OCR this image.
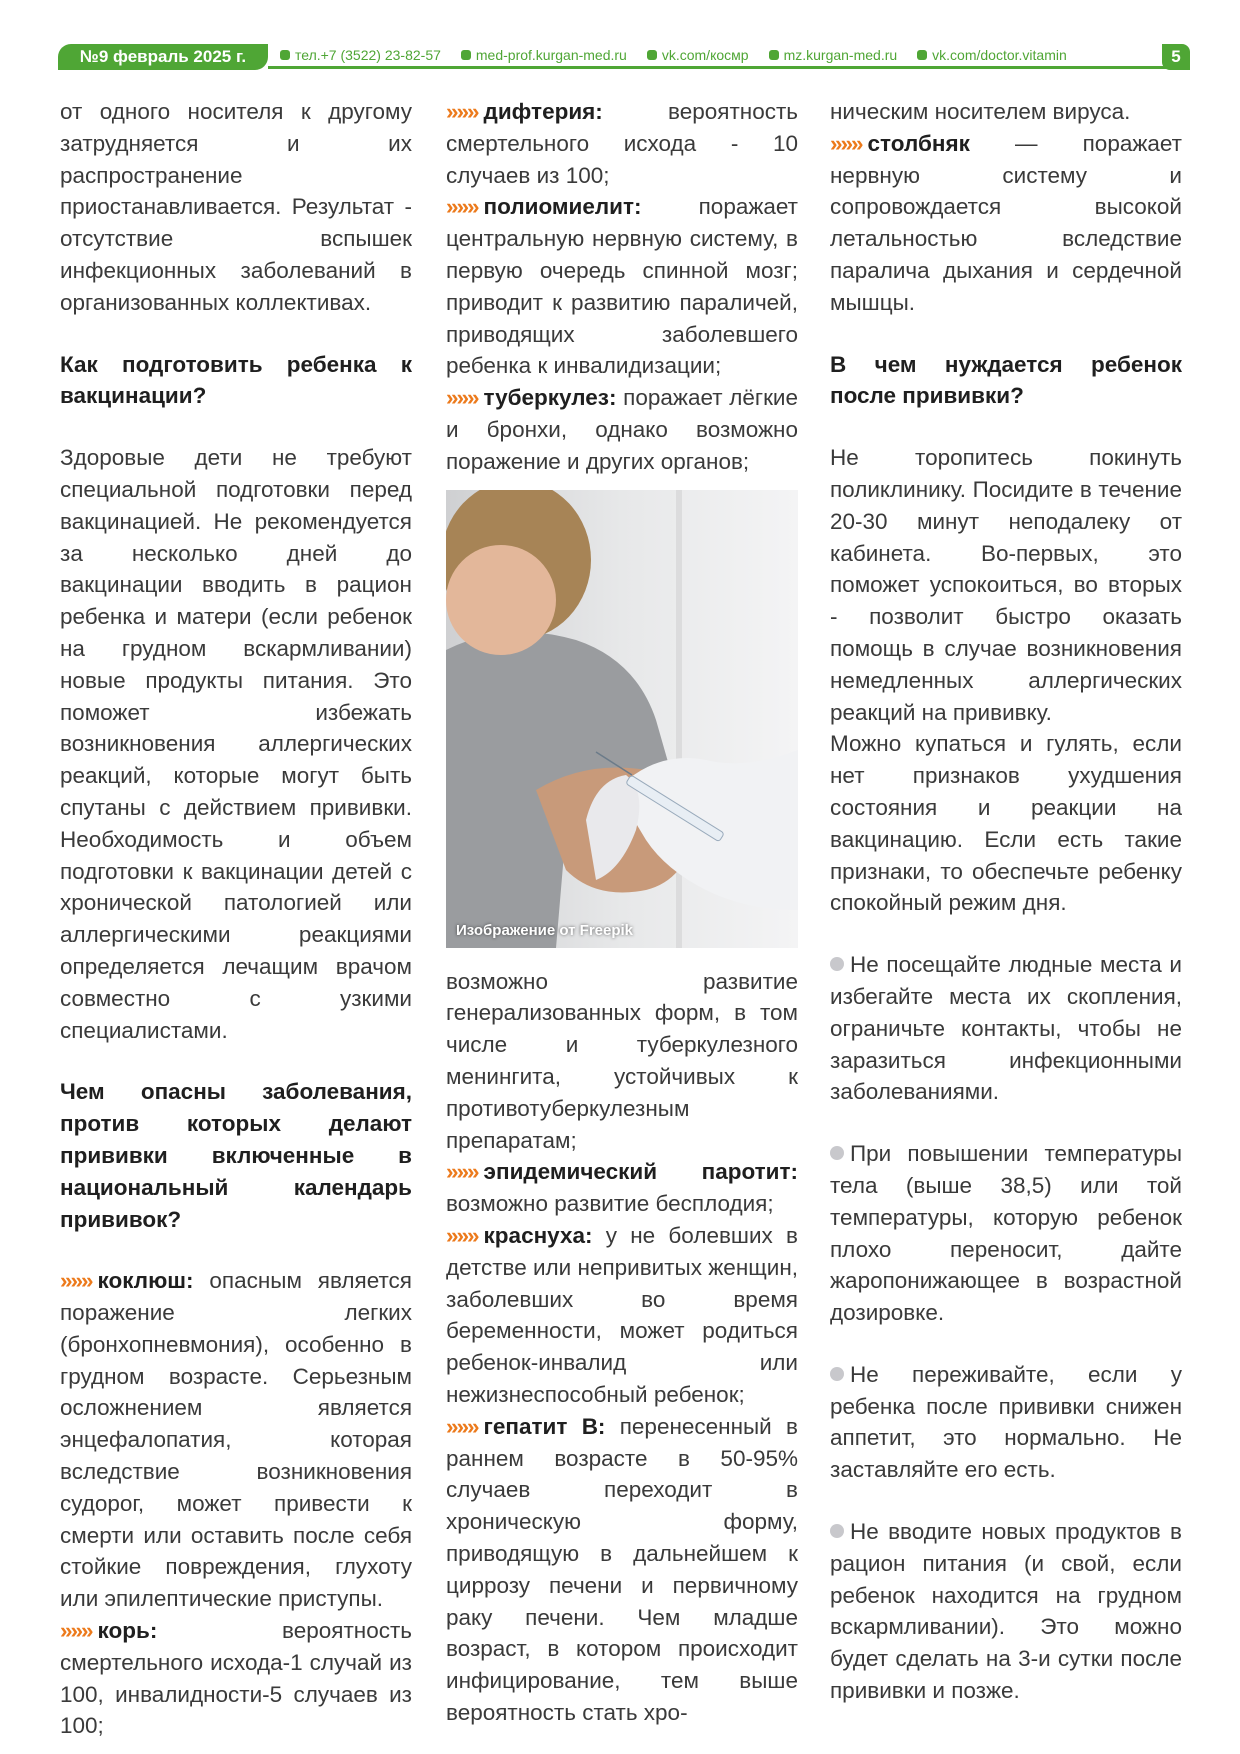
№9 февраль 2025 г.	тел.+7 (3522) 23-82-57	med-prof.kurgan-med.ru	vk.com/космр	mz.kurgan-med.ru	vk.com/doctor.vitamin	5

от одного носителя к другому затрудняется и их распространение приостанавливается. Результат - отсутствие вспышек инфекционных заболеваний в организованных коллективах.

Как подготовить ребенка к вакцинации?

Здоровые дети не требуют специальной подготовки перед вакцинацией. Не рекомендуется за несколько дней до вакцинации вводить в рацион ребенка и матери (если ребенок на грудном вскармливании) новые продукты питания. Это поможет избежать возникновения аллергических реакций, которые могут быть спутаны с действием прививки. Необходимость и объем подготовки к вакцинации детей с хронической патологией или аллергическими реакциями определяется лечащим врачом совместно с узкими специалистами.

Чем опасны заболевания, против которых делают прививки включенные в национальный календарь прививок?

»»» коклюш: опасным является поражение легких (бронхопневмония), особенно в грудном возрасте. Серьезным осложнением является энцефалопатия, которая вследствие возникновения судорог, может привести к смерти или оставить после себя стойкие повреждения, глухоту или эпилептические приступы.

»»» корь:	вероятность смертельного исхода-1 случай из 100, инвалидности-5 случаев из 100;

»»» дифтерия:	вероятность смертельного исхода - 10 случаев из 100;

»»» полиомиелит:	поражает центральную нервную систему, в первую очередь спинной мозг; приводит к развитию параличей, приводящих заболевшего ребенка к инвалидизации;

»»» туберкулез: поражает лёгкие и бронхи, однако возможно поражение и других органов;

Изображение от Freepik

возможно развитие генерализованных форм, в том числе и туберкулезного менингита, устойчивых к противотуберкулезным препаратам;

»»» эпидемический паротит: возможно развитие бесплодия;

»»» краснуха: у не болевших в детстве или непривитых женщин, заболевших во время беременности, может родиться ребенок-инвалид или нежизнеспособный ребенок;

»»» гепатит В: перенесенный в раннем возрасте в 50-95% случаев переходит в хроническую форму, приводящую в дальнейшем к циррозу печени и первичному раку печени. Чем младше возраст, в котором происходит инфицирование, тем выше вероятность стать хро-

ническим носителем вируса.

»»» столбняк — поражает нервную систему и сопровождается высокой летальностью вследствие паралича дыхания и сердечной мышцы.

В чем нуждается ребенок после прививки?

Не торопитесь покинуть поликлинику. Посидите в течение 20-30 минут неподалеку от кабинета. Во-первых, это поможет успокоиться, во вторых - позволит быстро оказать помощь в случае возникновения немедленных аллергических реакций на прививку.

Можно купаться и гулять, если нет признаков ухудшения состояния и реакции на вакцинацию. Если есть такие признаки, то обеспечьте ребенку спокойный режим дня.

Не посещайте людные места и избегайте места их скопления, ограничьте контакты, чтобы не заразиться инфекционными заболеваниями.

При повышении температуры тела (выше 38,5) или той температуры, которую ребенок плохо переносит, дайте жаропонижающее в возрастной дозировке.

Не переживайте, если у ребенка после прививки снижен аппетит, это нормально. Не заставляйте его есть.

Не вводите новых продуктов в рацион питания (и свой, если ребенок находится на грудном вскармливании). Это можно будет сделать на 3-и сутки после прививки и позже.
